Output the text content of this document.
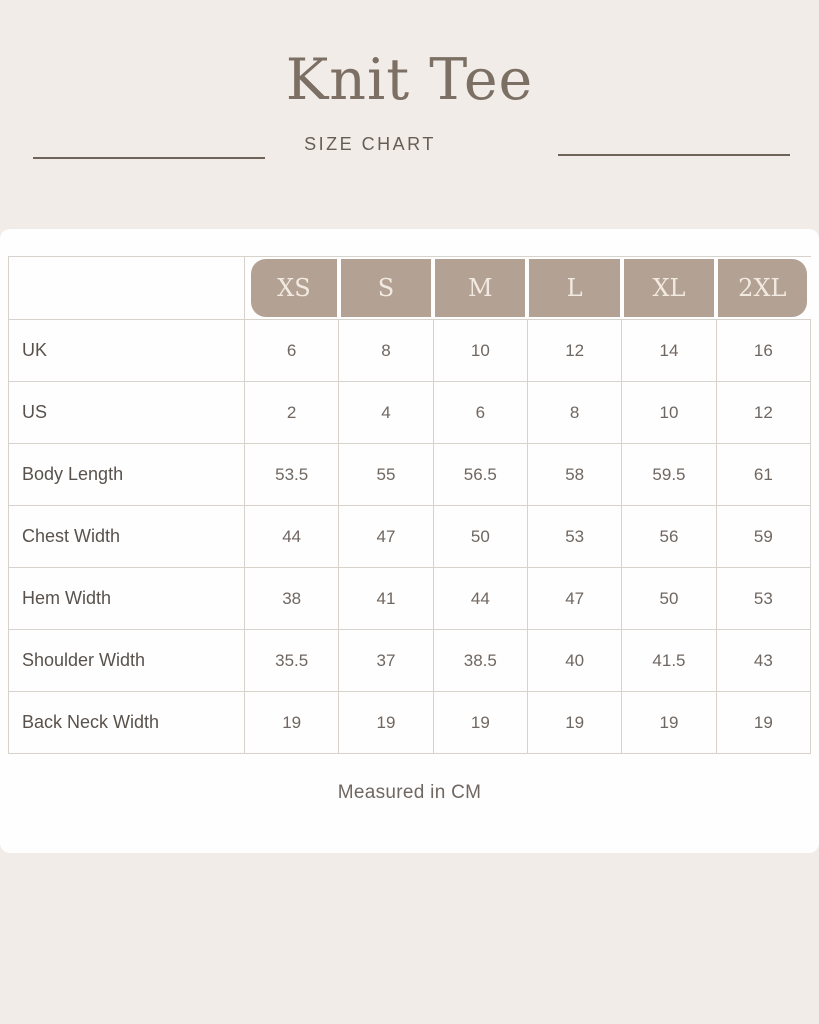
Knit Tee
SIZE CHART

XS	S	M	L	XL	2XL

UK	6	8	10	12	14	16
US	2	4	6	8	10	12
Body Length	53.5	55	56.5	58	59.5	61
Chest Width	44	47	50	53	56	59
Hem Width	38	41	44	47	50	53
Shoulder Width	35.5	37	38.5	40	41.5	43
Back Neck Width	19	19	19	19	19	19

Measured in CM
